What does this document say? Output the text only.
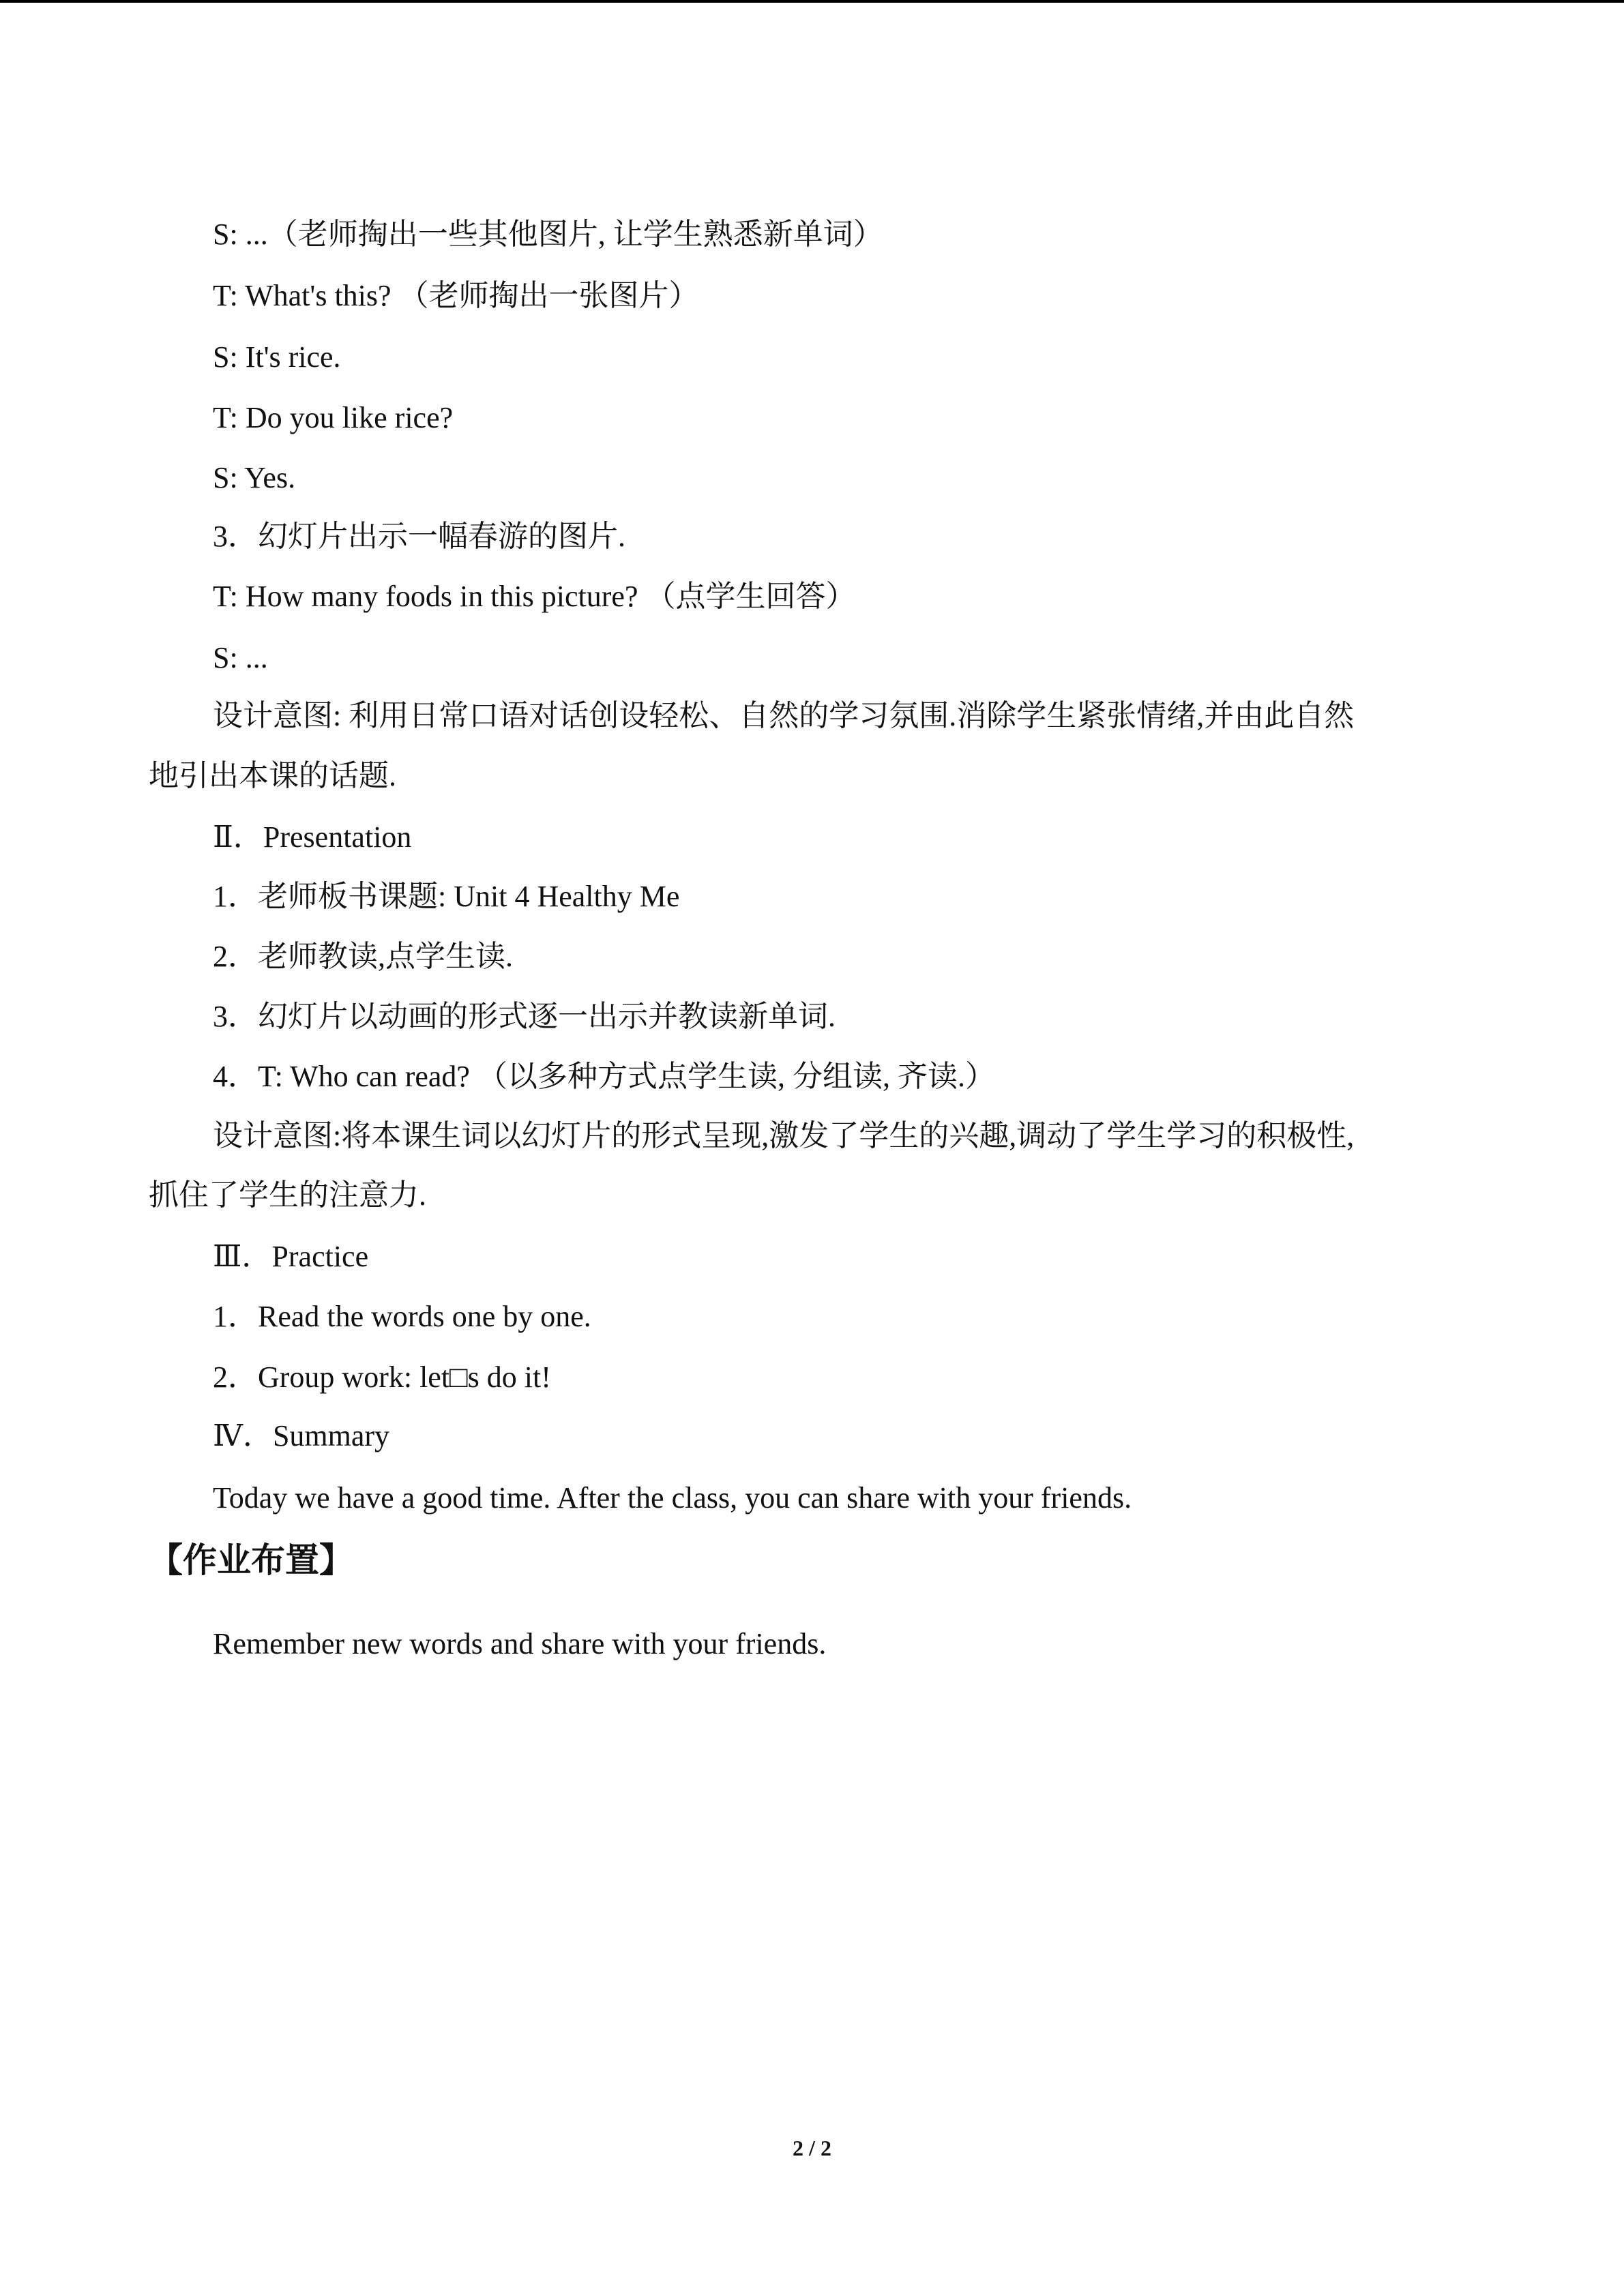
S: ...（老师掏出一些其他图片, 让学生熟悉新单词）
T: What's this? （老师掏出一张图片）
S: It's rice.
T: Do you like rice?
S: Yes.
3．幻灯片出示一幅春游的图片.
T: How many foods in this picture? （点学生回答）
S: ...
设计意图: 利用日常口语对话创设轻松、自然的学习氛围.消除学生紧张情绪,并由此自然
地引出本课的话题.
Ⅱ．Presentation
1．老师板书课题: Unit 4 Healthy Me
2．老师教读,点学生读.
3．幻灯片以动画的形式逐一出示并教读新单词.
4．T: Who can read? （以多种方式点学生读, 分组读, 齐读.）
设计意图:将本课生词以幻灯片的形式呈现,激发了学生的兴趣,调动了学生学习的积极性,
抓住了学生的注意力.
Ⅲ．Practice
1．Read the words one by one.
2．Group work: let□s do it!
Ⅳ．Summary
Today we have a good time. After the class, you can share with your friends.
【作业布置】
Remember new words and share with your friends.
2 / 2
